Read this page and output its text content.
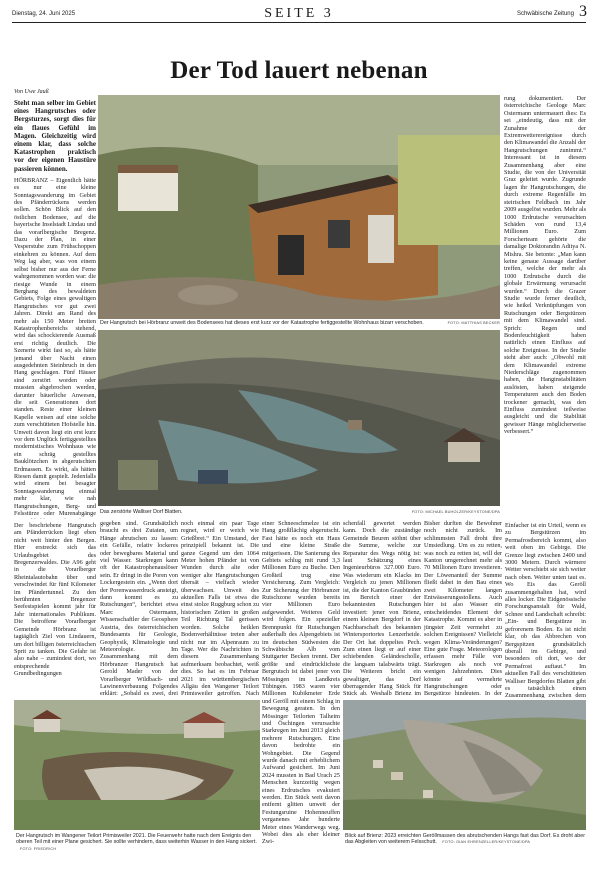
Dienstag, 24. Juni 2025	SEITE 3	Schwäbische Zeitung 3
Der Tod lauert nebenan
Von Uwe Jauß

Steht man selber im Gebiet eines Hangrutsches oder Bergsturzes, sorgt dies für ein flaues Gefühl im Magen. Gleichzeitig wird einem klar, dass solche Katastrophen praktisch vor der eigenen Haustüre passieren können.

HÖRBRANZ – Eigentlich hätte es nur eine kleine Sonntagswanderung im Gebiet des Pfänderrückens werden sollen. Schön Blick auf den östlichen Bodensee, auf die bayerische Inselstadt Lindau und das vorarlbergische Bregenz. Dazu der Plan, in einer Vesperstube zum Frühschoppen einkehren zu können. Auf dem Weg lag aber, was von einem selbst bisher nur aus der Ferne wahrgenommen worden war: die riesige Wunde in einem Berghang des bewaldeten Gebiets, Folge eines gewaltigen Hangrutsches vor gut zwei Jahren. Direkt am Rand des mehr als 150 Meter breiten Katastrophenbereichs stehend, wird das schockierende Ausmaß erst richtig deutlich. Die Szenerie wirkt fast so, als hätte jemand über Nacht einen ausgedehnten Steinbruch in den Hang geschlagen. Fünf Häuser sind zerstört worden oder mussten abgebrochen werden, darunter bäuerliche Anwesen, die seit Generationen dort standen. Reste einer kleinen Kapelle weisen auf eine solche zum verschütteten Hofstelle hin. Unweit davon liegt ein erst kurz vor dem Unglück fertiggestelltes modernistisches Wohnhaus wie ein schräg gestelltes Bauklötzchen in abgerutschten Erdmassen. Es wirkt, als hätten Riesen damit gespielt. Jedenfalls wird einem bei besagter Sonntagswanderung einmal mehr klar, wie nah Hangrutschungen, Berg- und Felsstürze oder Murenabgänge

FOTO: MATTHIAS BECKER
Der Hangrutsch bei Hörbranz unweit des Bodensees hat dieses erst kurz vor der Katastrophe fertiggestellte Wohnhaus bizarr verschoben.

rung dokumentiert. Der österreichische Geologe Marc Ostermann untermauert dies: Es sei „eindeutig, dass mit der Zunahme der Extremwetterereignisse durch den Klimawandel die Anzahl der Hangrutschungen zunimmt.“ Interessant ist in diesem Zusammenhang aber eine Studie, die von der Universität Graz geleitet wurde. Zugrunde lagen ihr Hangrutschungen, die durch extreme Regenfälle im steirischen Feldbach im Jahr 2009 ausgelöst wurden. Mehr als 1000 Erdrutsche verursachten Schäden von rund 13,4 Millionen Euro. Zum Forscherteam gehörte die damalige Doktorandin Aditya N. Mishra. Sie betonte: „Man kann keine genaue Aussage darüber treffen, welche der mehr als 1000 Erdrutsche durch die globale Erwärmung verursacht wurden.“ Durch die Grazer Studie wurde ferner deutlich, wie heikel Verknüpfungen von Rutschungen oder Bergstürzen mit dem Klimawandel sind. Sprich: Regen und Bodenfeuchtigkeit haben natürlich einen Einfluss auf solche Ereignisse. In der Studie steht aber auch: „Obwohl mit dem Klimawandel extreme Niederschläge zugenommen haben, die Hanginstabilitäten auslösten, haben steigende Temperaturen auch den Boden trockener gemacht, was den Einfluss zumindest teilweise ausgleicht und die Stabilität gewisser Hänge möglicherweise verbessert.“

Der beschriebene Hangrutsch am Pfänderrücken liegt eben nicht weit hinter den Bergen. Hier erstreckt sich das Urlaubsgebiet des Bregenzerwaldes. Die A96 geht in die Vorarlberger Rheintalautobahn über und verschwindet für fünf Kilometer im Pfändertunnel. Zu den berühmten Bregenzer Seefestspielen kommt jahr für Jahr internationales Publikum. Die betroffene Vorarlberger Gemeinde Hörbranz ist tagtäglich Ziel von Lindauern, um dort billigen österreichischen Sprit zu tanken. Die Gefahr ist also nahe – zumindest dort, wo entsprechende Grundbedingungen

FOTO: MICHAEL BUHOLZER/KEYSTONE/DPA
Das zerstörte Walliser Dorf Blatten.

gegeben sind. Grundsätzlich braucht es drei Zutaten, um Hänge abrutschen zu lassen: ein Gefälle, relativ lockeres oder bewegbares Material und viel Wasser. Starkregen kann oft der Katastrophenauslöser sein. Er dringt in die Poren von Lockergestein ein. „Wenn dort der Porenwasserdruck ansteigt, dann kommt es zu Rutschungen“, berichtet etwa Marc Ostermann, Wissenschaftler der Geosphere Austria, des österreichischen Bundesamts für Geologie, Geophysik, Klimatologie und Meteorologie. Im Zusammenhang mit dem Hörbranzer Hangrutsch hat Gerold Mader von der Vorarlberger Wildbach- und Lawinenverbauung Folgendes erklärt: „Sobald es zwei, drei

noch einmal ein paar Tage regnet, wird er weich wie Grießbrei.“ Ein Umstand, der prinzipiell bekannt ist. Die ganze Gegend um den 1064 Meter hohen Pfänder ist von Wunden durch alte oder weniger alte Hangrutschungen übersät – vielfach wieder überwachsen. Unweit des aktuellen Falls ist etwa die einst stolze Ruggburg schon zu historischen Zeiten in großen Teil Richtung Tal gerissen worden. Solche heiklen Bodenverhältnisse treten aber nicht nur im Alpenraum zu Tage. Wer die Nachrichten in diesem Zusammenhang aufmerksam beobachtet, weiß dies. So hat es im Februar 2021 im württembergischen Allgäu den Wangener Teilort Primisweiler getroffen. Nach

einer Schneeschmelze ist ein Hang großflächig abgerutscht. Fast hätte es noch ein Haus und eine kleine Straße mitgerissen. Die Sanierung des Gebiets schlug mit rund 3,3 Millionen Euro zu Buche. Den Großteil trug eine Versicherung. Zum Vergleich: Zur Sicherung der Hörbranzer Rutschzone wurden bereits vier Millionen Euro aufgewendet. Weiteres Geld wird folgen. Ein spezieller Brennpunkt für Rutschungen außerhalb des Alpengebiets ist im deutschen Südwesten die Schwäbische Alb vom Stuttgarter Becken trennt. Der größte und eindrücklichste Bergrutsch ist dabei jener von Mössingen im Landkreis Tübingen. 1983 waren vier Millionen Kubikmeter Erde und Geröll mit einem Schlag in Bewegung geraten. In den Mössinger Teilorten Talheim und Öschingen verursachte Starkregen im Juni 2013 gleich mehrere Rutschungen. Eine davon bedrohte ein Wohngebiet. Die Gegend wurde danach mit erheblichem Aufwand gesichert. Im Juni 2024 mussten in Bad Urach 25 Menschen kurzzeitig wegen eines Erdrutsches evakuiert werden. Ein Stück weit davon entfernt glitten unweit der Festungsruine Hohenneuffen verganenes Jahr hunderte Meter eines Wanderwegs weg. Wobei dies als eher kleiner Zwi-

schenfall gewertet werden kann. Doch die zuständige Gemeinde Beuren stöhnt über die Summe, welche zur Reparatur des Wegs nötig ist: laut Schätzung eines Ingenieurbüros 327.000 Euro. Was wiederum ein Klacks im Vergleich zu jenen Millionen ist, die der Kanton Graubünden im Bereich einer der bekanntesten Rutschungen investiert: jener von Brienz, einem kleinen Bergdorf in der Nachbarschaft des bekannten Wintersportortes Lenzerheide. Der Ort hat doppeltes Pech. Zum einen liegt er auf einer schiebenden Geländescholle, die langsam talabwärts trägt. Die Weiteren bricht ein gewaltiger, das Dorf überragender Hang Stück für Stück ab. Weshalb Brienz im

Bisher durften die Bewohner noch nicht zurück. Im schlimmsten Fall droht ihre Umsiedlung. Um es zu retten, was noch zu retten ist, will der Kanton umgerechnet mehr als 70 Millionen Euro investieren. Der Löwenanteil der Summe fließt dabei in den Bau eines zwei Kilometer langen Entwässerungsstollens. Auch hier ist also Wasser ein entscheidendes Element der Katastrophe. Kommt es aber in jüngster Zeit vermehrt zu solchen Ereignissen? Vielleicht wegen Klima-Veränderungen? Eine gute Frage. Meteorologen erfassen mehr Fälle von Starkregen als noch vor wenigen Jahrzehnten. Dies könnte auf vermehrte Hangrutschungen oder Bergstürze hindeuten. In der

Einfacher ist ein Urteil, wenn es zu Bergstürzen im Permafrostbereich kommt, also weit oben im Gebirge. Die Grenze liegt zwischen 2400 und 3000 Metern. Durch wärmere Wetter verschiebt sie sich weiter nach oben. Weiter unten taut es. Wo Eis das Geröll zusammengehalten hat, wird alles locker. Die Eidgenössische Forschungsanstalt für Wald, Schnee und Landschaft schreibt: „Ein- und Bergstürze in gefrorenem Boden. Es ist nicht klar, ob das Abbrechen von Bergspitzen grundsätzlich überall im Gebirge, und besonders oft dort, wo der Permafrost auftaut.“ Im aktuellen Fall des verschütteten Walliser Bergdorfes Blatten gibt es tatsächlich einen Zusammenhang zwischen dem

Der Hangrutsch im Wangener Teilort Primisweiler 2021. Die Feuerwehr hatte nach dem Ereignis den oberen Teil mit einer Plane gesichert. Sie sollte verhindern, dass weiterhin Wasser in den Hang sickert. FOTO: FRIEDRICH
Blick auf Brienz: 2023 erreichten Geröllmassen des abrutschenden Hangs fast das Dorf. Es droht aber das Abgleiten von weiterem Felsschutt. FOTO: GIAN EHRENZELLER/KEYSTONE/DPA
